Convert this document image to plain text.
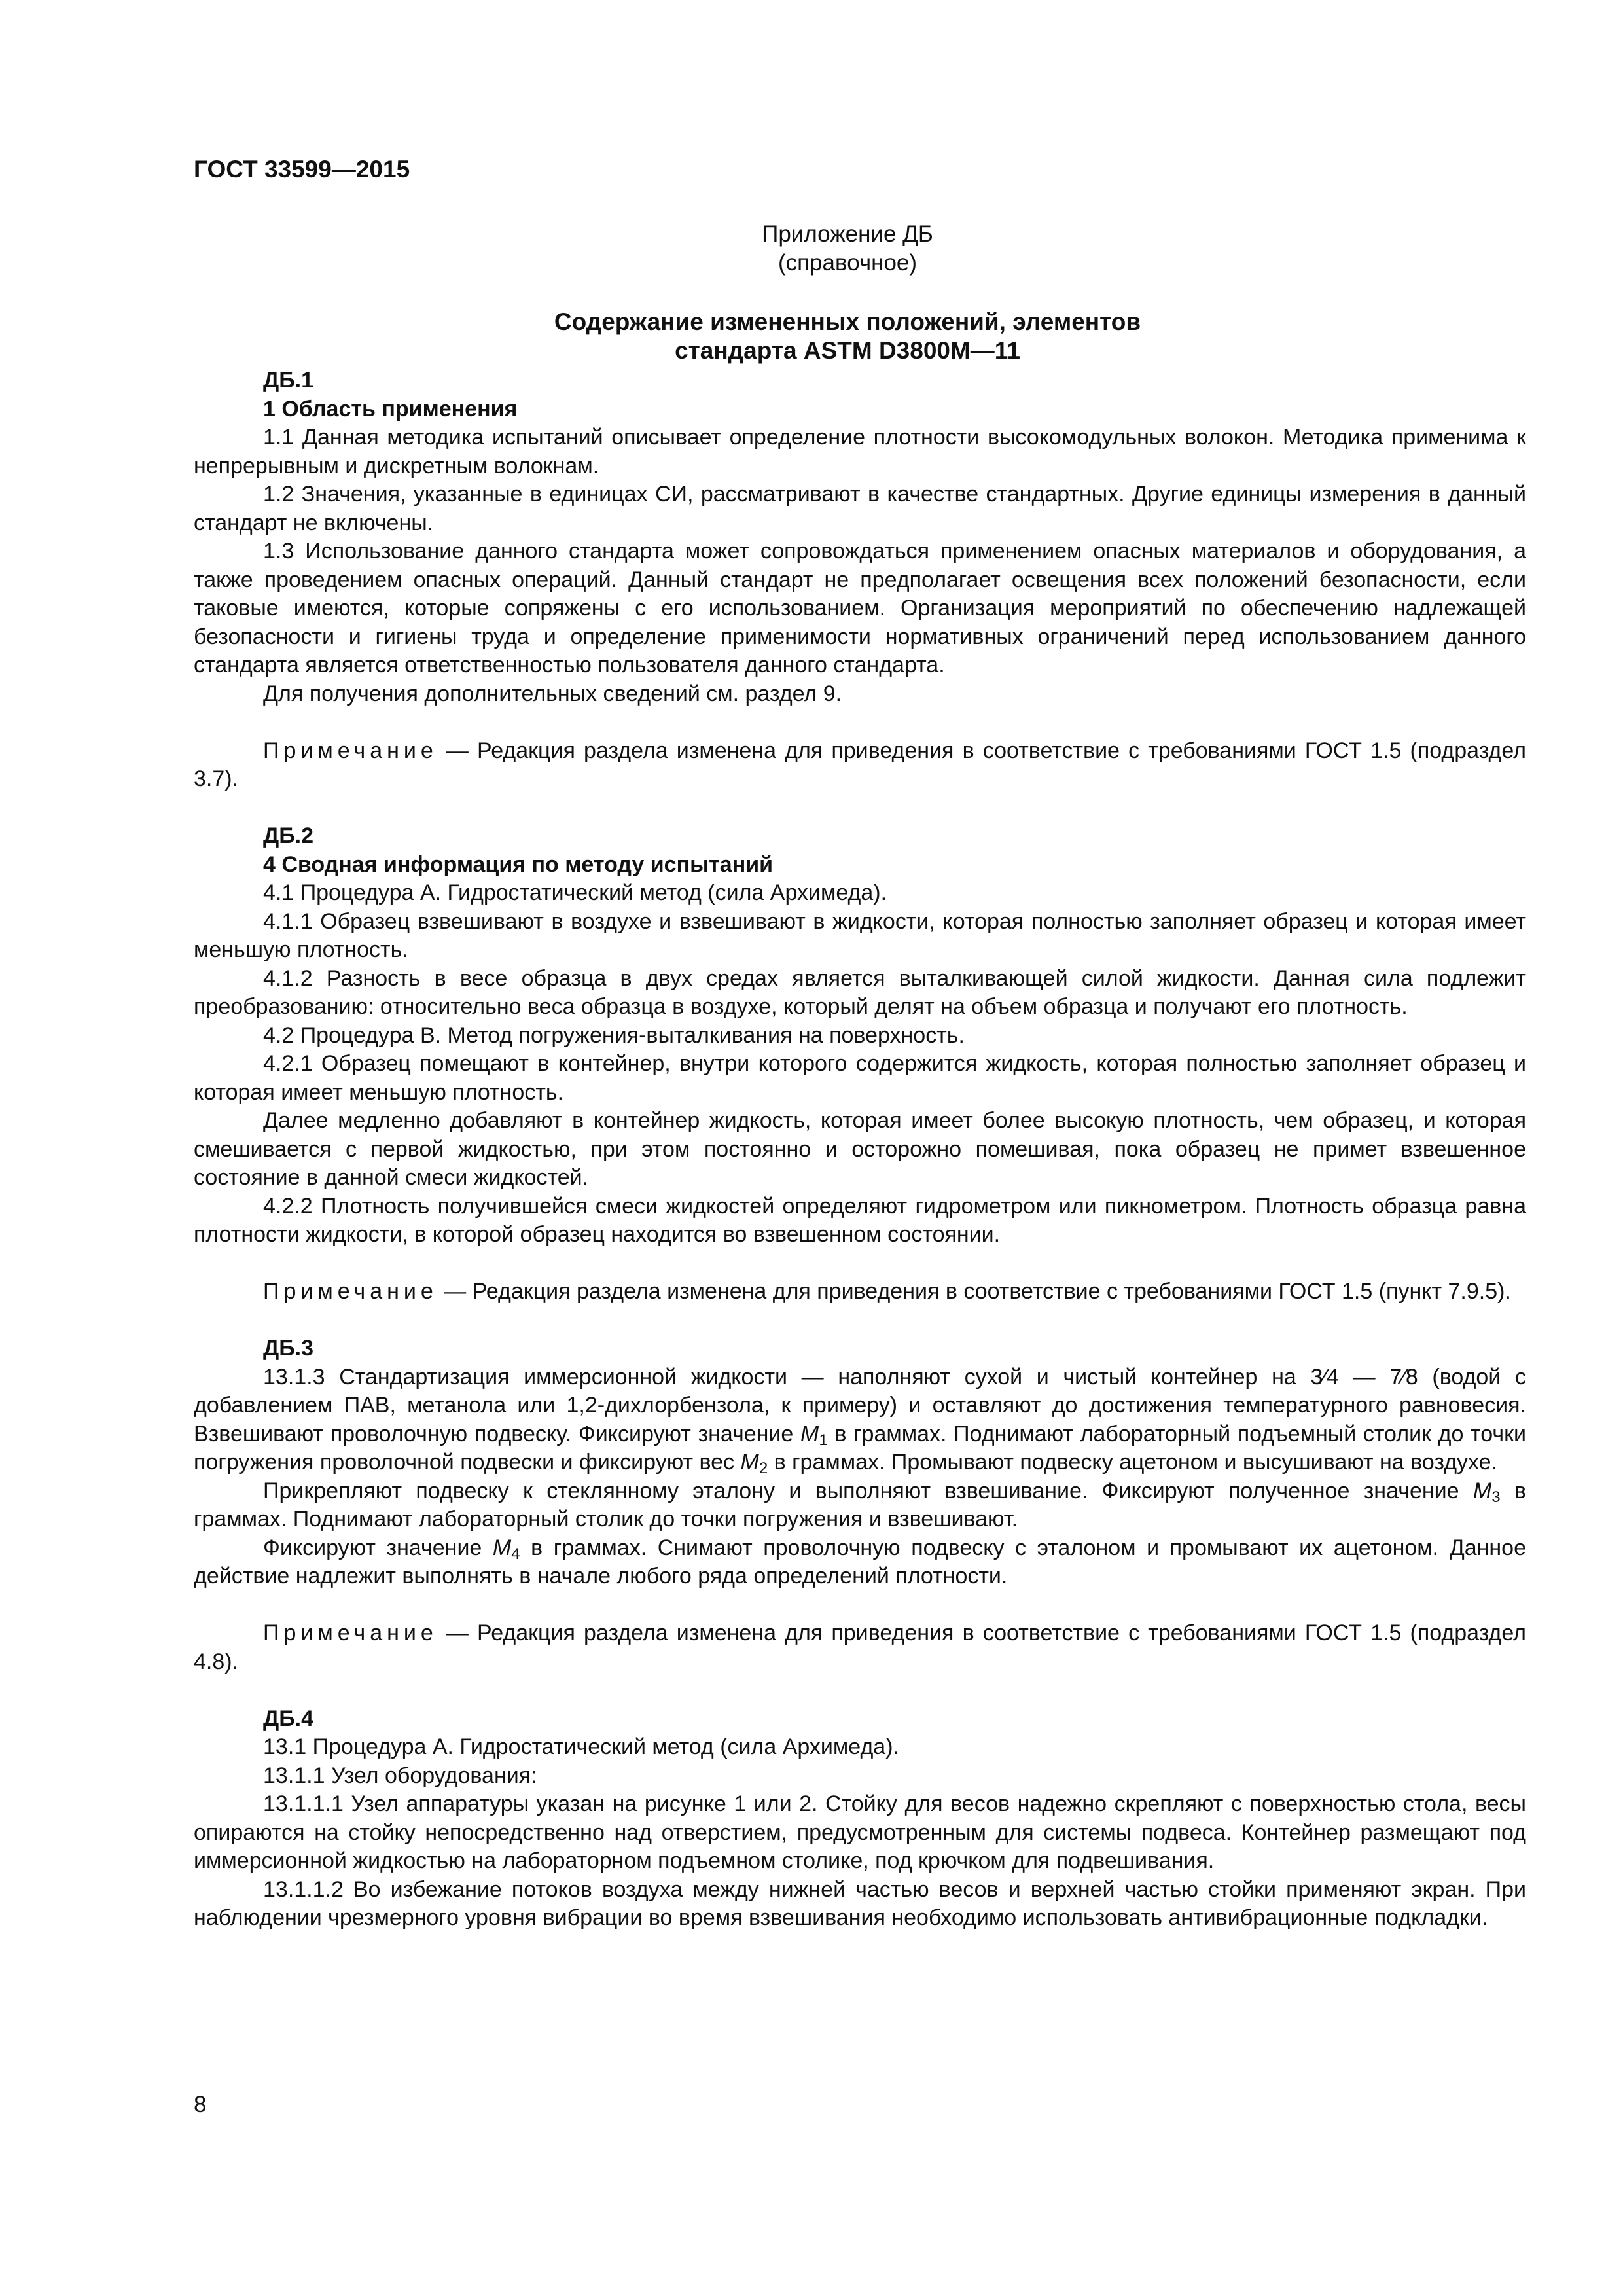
ГОСТ 33599—2015
Приложение ДБ
(справочное)
Содержание измененных положений, элементов
стандарта ASTM D3800M—11

ДБ.1

1 Область применения

1.1 Данная методика испытаний описывает определение плотности высокомодульных волокон. Методика применима к непрерывным и дискретным волокнам.

1.2 Значения, указанные в единицах СИ, рассматривают в качестве стандартных. Другие единицы измерения в данный стандарт не включены.

1.3 Использование данного стандарта может сопровождаться применением опасных материалов и оборудования, а также проведением опасных операций. Данный стандарт не предполагает освещения всех положений безопасности, если таковые имеются, которые сопряжены с его использованием. Организация мероприятий по обеспечению надлежащей безопасности и гигиены труда и определение применимости нормативных ограничений перед использованием данного стандарта является ответственностью пользователя данного стандарта.

Для получения дополнительных сведений см. раздел 9.

Примечание — Редакция раздела изменена для приведения в соответствие с требованиями ГОСТ 1.5 (подраздел 3.7).

ДБ.2

4 Сводная информация по методу испытаний

4.1 Процедура А. Гидростатический метод (сила Архимеда).

4.1.1 Образец взвешивают в воздухе и взвешивают в жидкости, которая полностью заполняет образец и которая имеет меньшую плотность.

4.1.2 Разность в весе образца в двух средах является выталкивающей силой жидкости. Данная сила подлежит преобразованию: относительно веса образца в воздухе, который делят на объем образца и получают его плотность.

4.2 Процедура В. Метод погружения-выталкивания на поверхность.

4.2.1 Образец помещают в контейнер, внутри которого содержится жидкость, которая полностью заполняет образец и которая имеет меньшую плотность.

Далее медленно добавляют в контейнер жидкость, которая имеет более высокую плотность, чем образец, и которая смешивается с первой жидкостью, при этом постоянно и осторожно помешивая, пока образец не примет взвешенное состояние в данной смеси жидкостей.

4.2.2 Плотность получившейся смеси жидкостей определяют гидрометром или пикнометром. Плотность образца равна плотности жидкости, в которой образец находится во взвешенном состоянии.

Примечание — Редакция раздела изменена для приведения в соответствие с требованиями ГОСТ 1.5 (пункт 7.9.5).

ДБ.3

13.1.3 Стандартизация иммерсионной жидкости — наполняют сухой и чистый контейнер на 3⁄4 — 7⁄8 (водой с добавлением ПАВ, метанола или 1,2-дихлорбензола, к примеру) и оставляют до достижения температурного равновесия. Взвешивают проволочную подвеску. Фиксируют значение $M_1$ в граммах. Поднимают лабораторный подъемный столик до точки погружения проволочной подвески и фиксируют вес $M_2$ в граммах. Промывают подвеску ацетоном и высушивают на воздухе.

Прикрепляют подвеску к стеклянному эталону и выполняют взвешивание. Фиксируют полученное значение $M_3$ в граммах. Поднимают лабораторный столик до точки погружения и взвешивают.

Фиксируют значение $M_4$ в граммах. Снимают проволочную подвеску с эталоном и промывают их ацетоном. Данное действие надлежит выполнять в начале любого ряда определений плотности.

Примечание — Редакция раздела изменена для приведения в соответствие с требованиями ГОСТ 1.5 (подраздел 4.8).

ДБ.4

13.1 Процедура А. Гидростатический метод (сила Архимеда).

13.1.1 Узел оборудования:

13.1.1.1 Узел аппаратуры указан на рисунке 1 или 2. Стойку для весов надежно скрепляют с поверхностью стола, весы опираются на стойку непосредственно над отверстием, предусмотренным для системы подвеса. Контейнер размещают под иммерсионной жидкостью на лабораторном подъемном столике, под крючком для подвешивания.

13.1.1.2 Во избежание потоков воздуха между нижней частью весов и верхней частью стойки применяют экран. При наблюдении чрезмерного уровня вибрации во время взвешивания необходимо использовать антивибрационные подкладки.

8
